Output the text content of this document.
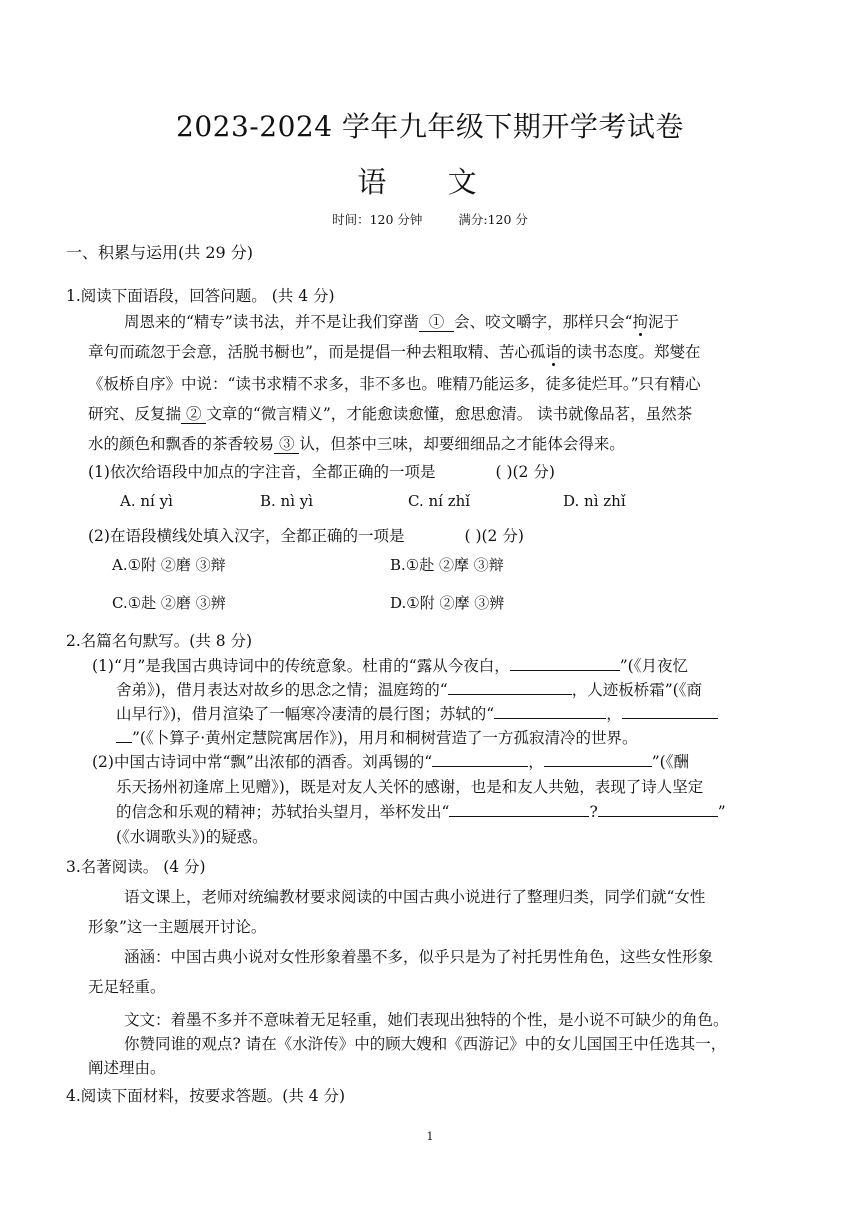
2023-2024 学年九年级下期开学考试卷
语 文
时间：120 分钟	满分:120 分
一、积累与运用(共 29 分)
1.阅读下面语段，回答问题。 (共 4 分)
周恩来的“精专”读书法，并不是让我们穿凿 ① 会、咬文嚼字，那样只会“拘泥于
章句而疏忽于会意，活脱书橱也”，而是提倡一种去粗取精、苦心孤诣的读书态度。郑燮在
《板桥自序》中说：“读书求精不求多，非不多也。唯精乃能运多，徒多徒烂耳。”只有精心
研究、反复揣 ② 文章的“微言精义”，才能愈读愈懂，愈思愈清。 读书就像品茗，虽然茶
水的颜色和飘香的茶香较易 ③ 认，但茶中三味，却要细细品之才能体会得来。
(1)依次给语段中加点的字注音，全都正确的一项是	( )(2 分)
A. ní yì	B. nì yì	C. ní zhǐ	D. nì zhǐ
(2)在语段横线处填入汉字，全都正确的一项是	( )(2 分)
A.①附 ②磨 ③辩	B.①赴 ②摩 ③辩
C.①赴 ②磨 ③辨	D.①附 ②摩 ③辨
2.名篇名句默写。(共 8 分)
(1)“月”是我国古典诗词中的传统意象。杜甫的“露从今夜白，	”(《月夜忆
舍弟》)，借月表达对故乡的思念之情；温庭筠的“	，人迹板桥霜”(《商
山早行》)，借月渲染了一幅寒冷凄清的晨行图；苏轼的“	，
”(《卜算子·黄州定慧院寓居作》)，用月和桐树营造了一方孤寂清冷的世界。
(2)中国古诗词中常“飘”出浓郁的酒香。刘禹锡的“	，	”(《酬
乐天扬州初逢席上见赠》)，既是对友人关怀的感谢，也是和友人共勉，表现了诗人坚定
的信念和乐观的精神；苏轼抬头望月，举杯发出“	?	”
(《水调歌头》)的疑惑。
3.名著阅读。 (4 分)
语文课上，老师对统编教材要求阅读的中国古典小说进行了整理归类，同学们就“女性
形象”这一主题展开讨论。
涵涵：中国古典小说对女性形象着墨不多，似乎只是为了衬托男性角色，这些女性形象
无足轻重。
文文：着墨不多并不意味着无足轻重，她们表现出独特的个性，是小说不可缺少的角色。
你赞同谁的观点? 请在《水浒传》中的顾大嫂和《西游记》中的女儿国国王中任选其一，
阐述理由。
4.阅读下面材料，按要求答题。(共 4 分)
1
